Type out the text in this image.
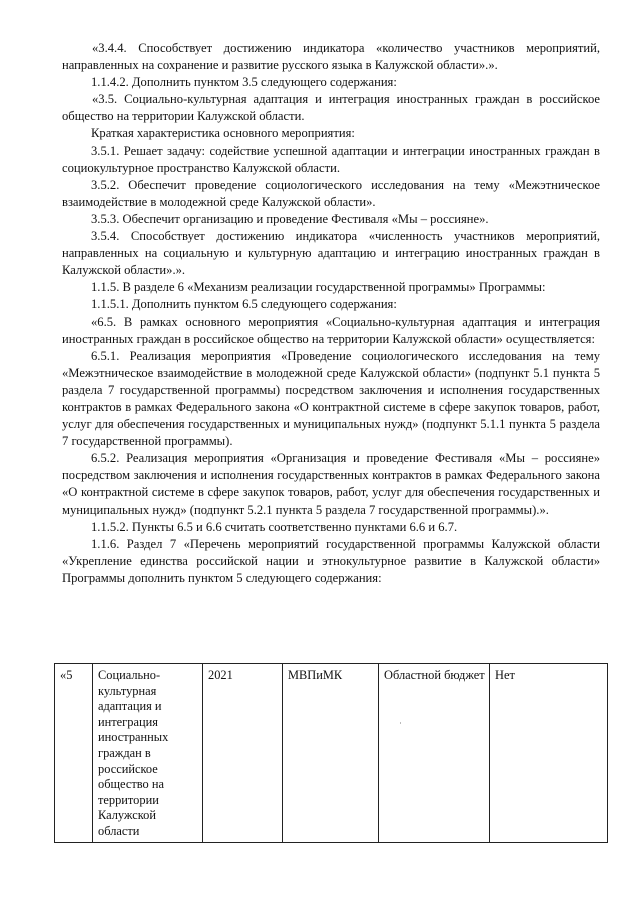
«3.4.4. Способствует достижению индикатора «количество участников мероприятий, направленных на сохранение и развитие русского языка в Калужской области».».

1.1.4.2. Дополнить пунктом 3.5 следующего содержания:

«3.5. Социально-культурная адаптация и интеграция иностранных граждан в российское общество на территории Калужской области.

Краткая характеристика основного мероприятия:

3.5.1. Решает задачу: содействие успешной адаптации и интеграции иностранных граждан в социокультурное пространство Калужской области.

3.5.2. Обеспечит проведение социологического исследования на тему «Межэтническое взаимодействие в молодежной среде Калужской области».

3.5.3. Обеспечит организацию и проведение Фестиваля «Мы – россияне».

3.5.4. Способствует достижению индикатора «численность участников мероприятий, направленных на социальную и культурную адаптацию и интеграцию иностранных граждан в Калужской области».».

1.1.5. В разделе 6 «Механизм реализации государственной программы» Программы:

1.1.5.1. Дополнить пунктом 6.5 следующего содержания:

«6.5. В рамках основного мероприятия «Социально-культурная адаптация и интеграция иностранных граждан в российское общество на территории Калужской области» осуществляется:

6.5.1. Реализация мероприятия «Проведение социологического исследования на тему «Межэтническое взаимодействие в молодежной среде Калужской области» (подпункт 5.1 пункта 5 раздела 7 государственной программы) посредством заключения и исполнения государственных контрактов в рамках Федерального закона «О контрактной системе в сфере закупок товаров, работ, услуг для обеспечения государственных и муниципальных нужд» (подпункт 5.1.1 пункта 5 раздела 7 государственной программы).

6.5.2. Реализация мероприятия «Организация и проведение Фестиваля «Мы – россияне» посредством заключения и исполнения государственных контрактов в рамках Федерального закона «О контрактной системе в сфере закупок товаров, работ, услуг для обеспечения государственных и муниципальных нужд» (подпункт 5.2.1 пункта 5 раздела 7 государственной программы).».

1.1.5.2. Пункты 6.5 и 6.6 считать соответственно пунктами 6.6 и 6.7.

1.1.6. Раздел 7 «Перечень мероприятий государственной программы Калужской области «Укрепление единства российской нации и этнокультурное развитие в Калужской области» Программы дополнить пунктом 5 следующего содержания:

«5	Социально-культурная адаптация и интеграция иностранных граждан в российское общество на территории Калужской области	2021	МВПиМК	Областной бюджет	Нет
